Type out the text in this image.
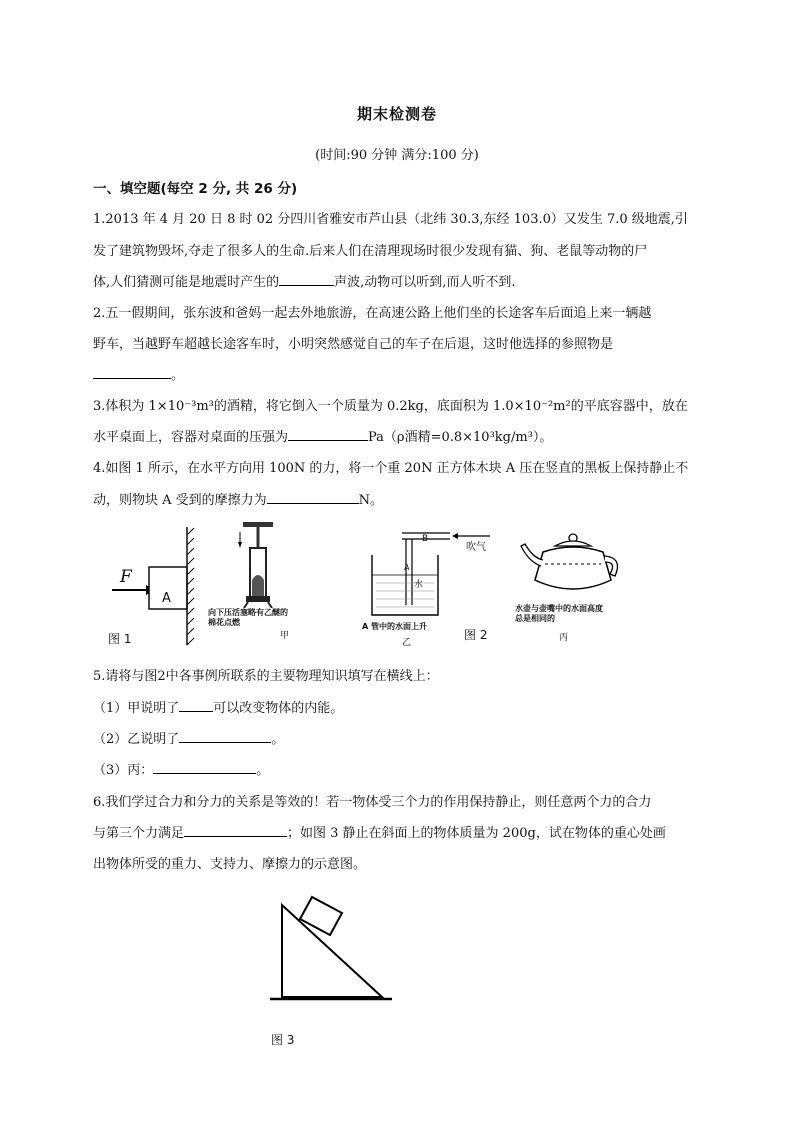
期末检测卷
(时间:90 分钟 满分:100 分)
一、填空题(每空 2 分, 共 26 分)
1.2013 年 4 月 20 日 8 时 02 分四川省雅安市芦山县（北纬 30.3,东经 103.0）又发生 7.0 级地震,引
发了建筑物毁坏,夺走了很多人的生命.后来人们在清理现场时很少发现有猫、狗、老鼠等动物的尸
体,人们猜测可能是地震时产生的	声波,动物可以听到,而人听不到.
2.五一假期间，张东波和爸妈一起去外地旅游，在高速公路上他们坐的长途客车后面追上来一辆越
野车，当越野车超越长途客车时，小明突然感觉自己的车子在后退，这时他选择的参照物是
。
3.体积为 1×10⁻³m³的酒精，将它倒入一个质量为 0.2kg，底面积为 1.0×10⁻²m²的平底容器中，放在
水平桌面上，容器对桌面的压强为	Pa（ρ酒精=0.8×10³kg/m³）。
4.如图 1 所示，在水平方向用 100N 的力，将一个重 20N 正方体木块 A 压在竖直的黑板上保持静止不
动，则物块 A 受到的摩擦力为	N。
F
A
图 1
向下压活塞略有乙醚的棉花点燃
甲
B
吹气
A
水
A 管中的水面上升
乙
图 2
水壶与壶嘴中的水面高度总是相同的
丙
5.请将与图2中各事例所联系的主要物理知识填写在横线上：
（1）甲说明了	可以改变物体的内能。
（2）乙说明了	。
（3）丙：	。
6.我们学过合力和分力的关系是等效的！若一物体受三个力的作用保持静止，则任意两个力的合力
与第三个力满足	；如图 3 静止在斜面上的物体质量为 200g，试在物体的重心处画
出物体所受的重力、支持力、摩擦力的示意图。
图 3
